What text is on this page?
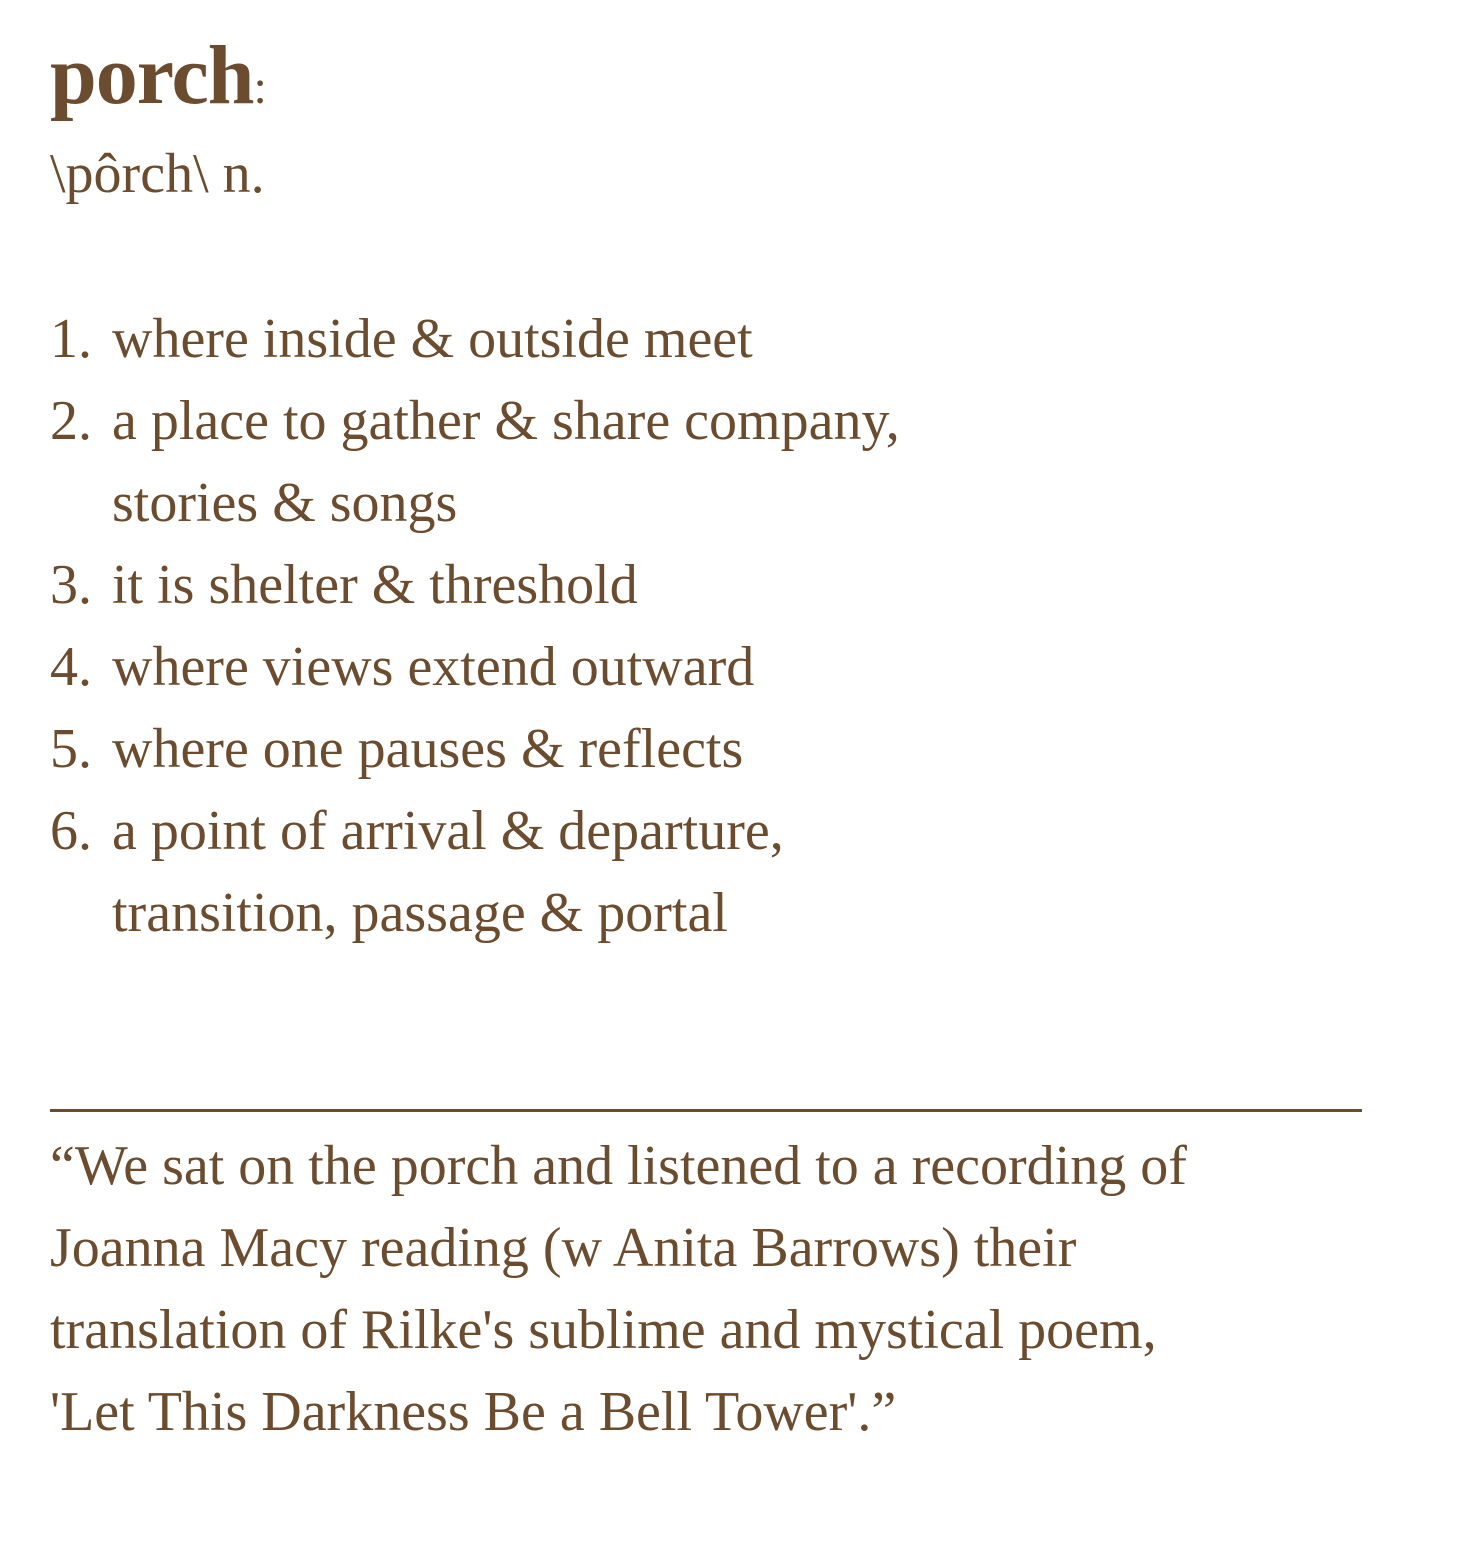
porch:
\pôrch\ n.
1. where inside & outside meet
2. a place to gather & share company,
stories & songs
3. it is shelter & threshold
4. where views extend outward
5. where one pauses & reflects
6. a point of arrival & departure,
transition, passage & portal
“We sat on the porch and listened to a recording of
Joanna Macy reading (w Anita Barrows) their
translation of Rilke's sublime and mystical poem,
'Let This Darkness Be a Bell Tower'.”
